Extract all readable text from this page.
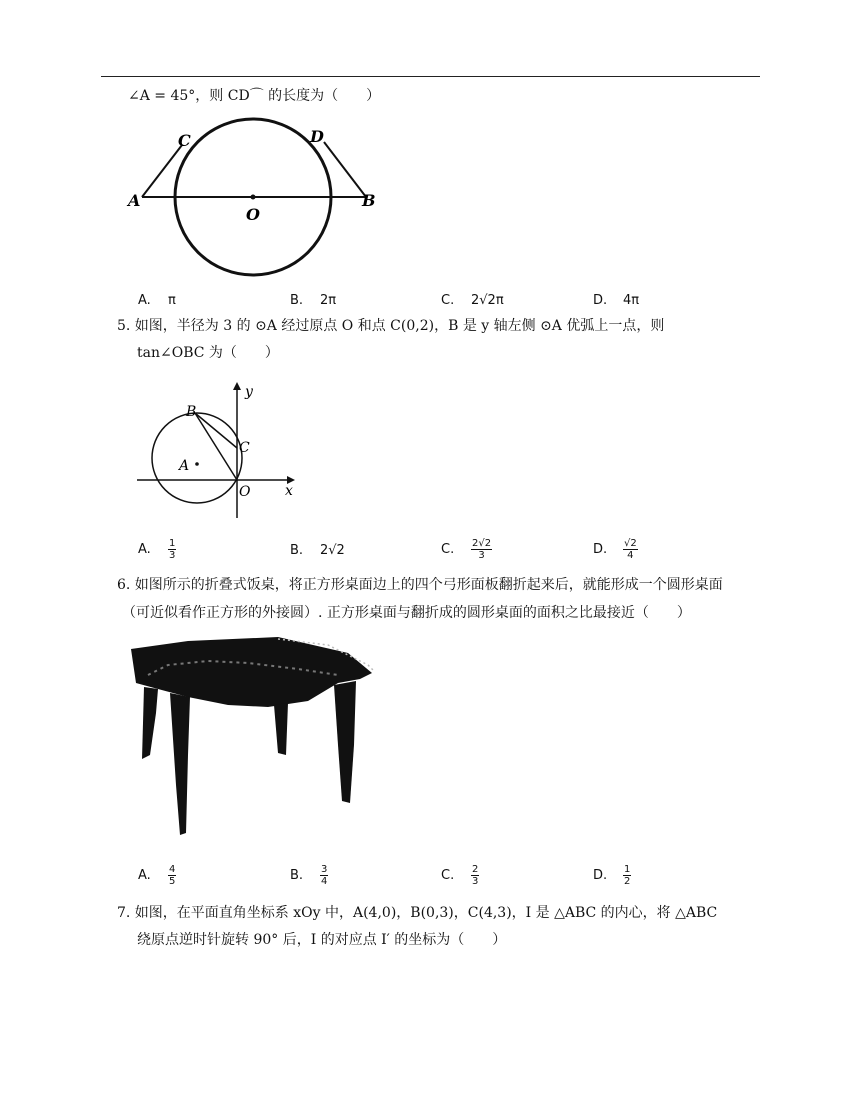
∠A = 45°，则 CD⌒ 的长度为（　　）
A	B
C	D
O
A. π	B. 2π	C. 2√2π	D. 4π
5. 如图，半径为 3 的 ⊙A 经过原点 O 和点 C(0,2)，B 是 y 轴左侧 ⊙A 优弧上一点，则
tan∠OBC 为（　　）
y
x
B
C
A
O
A. $\frac{1}{3}$	B. 2√2	C. $\frac{2√2}{3}$	D. $\frac{√2}{4}$
6. 如图所示的折叠式饭桌，将正方形桌面边上的四个弓形面板翻折起来后，就能形成一个圆形桌面
（可近似看作正方形的外接圆）. 正方形桌面与翻折成的圆形桌面的面积之比最接近（　　）
A. $\frac{4}{5}$	B. $\frac{3}{4}$	C. $\frac{2}{3}$	D. $\frac{1}{2}$
7. 如图，在平面直角坐标系 xOy 中，A(4,0)，B(0,3)，C(4,3)，I 是 △ABC 的内心，将 △ABC
绕原点逆时针旋转 90° 后，I 的对应点 I′ 的坐标为（　　）
